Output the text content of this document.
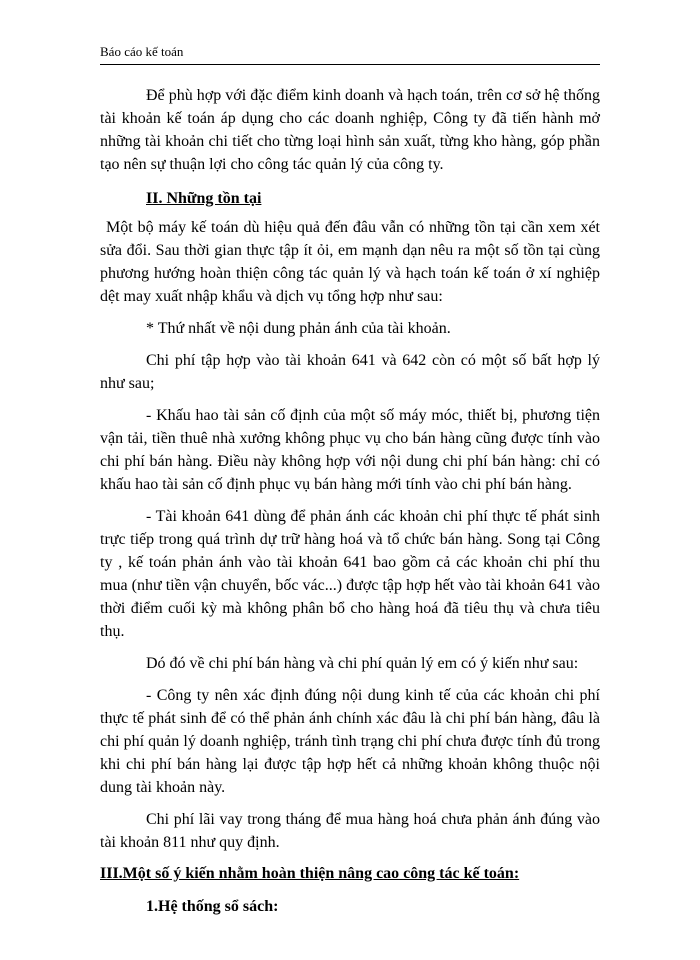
Báo cáo kế toán

Để phù hợp với đặc điểm kinh doanh và hạch toán, trên cơ sở hệ thống tài khoản kế toán áp dụng cho các doanh nghiệp, Công ty đã tiến hành mở những tài khoản chi tiết cho từng loại hình sản xuất, từng kho hàng, góp phần tạo nên sự thuận lợi cho công tác quản lý của công ty.

II. Những tồn tại

Một bộ máy kế toán dù hiệu quả đến đâu vẫn có những tồn tại cần xem xét sửa đổi. Sau thời gian thực tập ít ỏi, em mạnh dạn nêu ra một số tồn tại cùng phương hướng hoàn thiện công tác quản lý và hạch toán kế toán ở xí nghiệp dệt may xuất nhập khẩu và dịch vụ tổng hợp như sau:

* Thứ nhất về nội dung phản ánh của tài khoản.

Chi phí tập hợp vào tài khoản 641 và 642 còn có một số bất hợp lý như sau;

- Khấu hao tài sản cố định của một số máy móc, thiết bị, phương tiện vận tải, tiền thuê nhà xưởng không phục vụ cho bán hàng cũng được tính vào chi phí bán hàng. Điều này không hợp với nội dung chi phí bán hàng: chỉ có khấu hao tài sản cố định phục vụ bán hàng mới tính vào chi phí bán hàng.

- Tài khoản 641 dùng để phản ánh các khoản chi phí thực tế phát sinh trực tiếp trong quá trình dự trữ hàng hoá và tổ chức bán hàng. Song tại Công ty , kế toán phản ánh vào tài khoản 641 bao gồm cả các khoản chi phí thu mua (như tiền vận chuyển, bốc vác...) được tập hợp hết vào tài khoản 641 vào thời điểm cuối kỳ mà không phân bổ cho hàng hoá đã tiêu thụ và chưa tiêu thụ.

Dó đó về chi phí bán hàng và chi phí quản lý em có ý kiến như sau:

- Công ty nên xác định đúng nội dung kinh tế của các khoản chi phí thực tế phát sinh để có thể phản ánh chính xác đâu là chi phí bán hàng, đâu là chi phí quản lý doanh nghiệp, tránh tình trạng chi phí chưa được tính đủ trong khi chi phí bán hàng lại được tập hợp hết cả những khoản không thuộc nội dung tài khoản này.

Chi phí lãi vay trong tháng để mua hàng hoá chưa phản ánh đúng vào tài khoản 811 như quy định.

III.Một số ý kiến nhằm hoàn thiện nâng cao công tác kế toán:
1.Hệ thống sổ sách:
